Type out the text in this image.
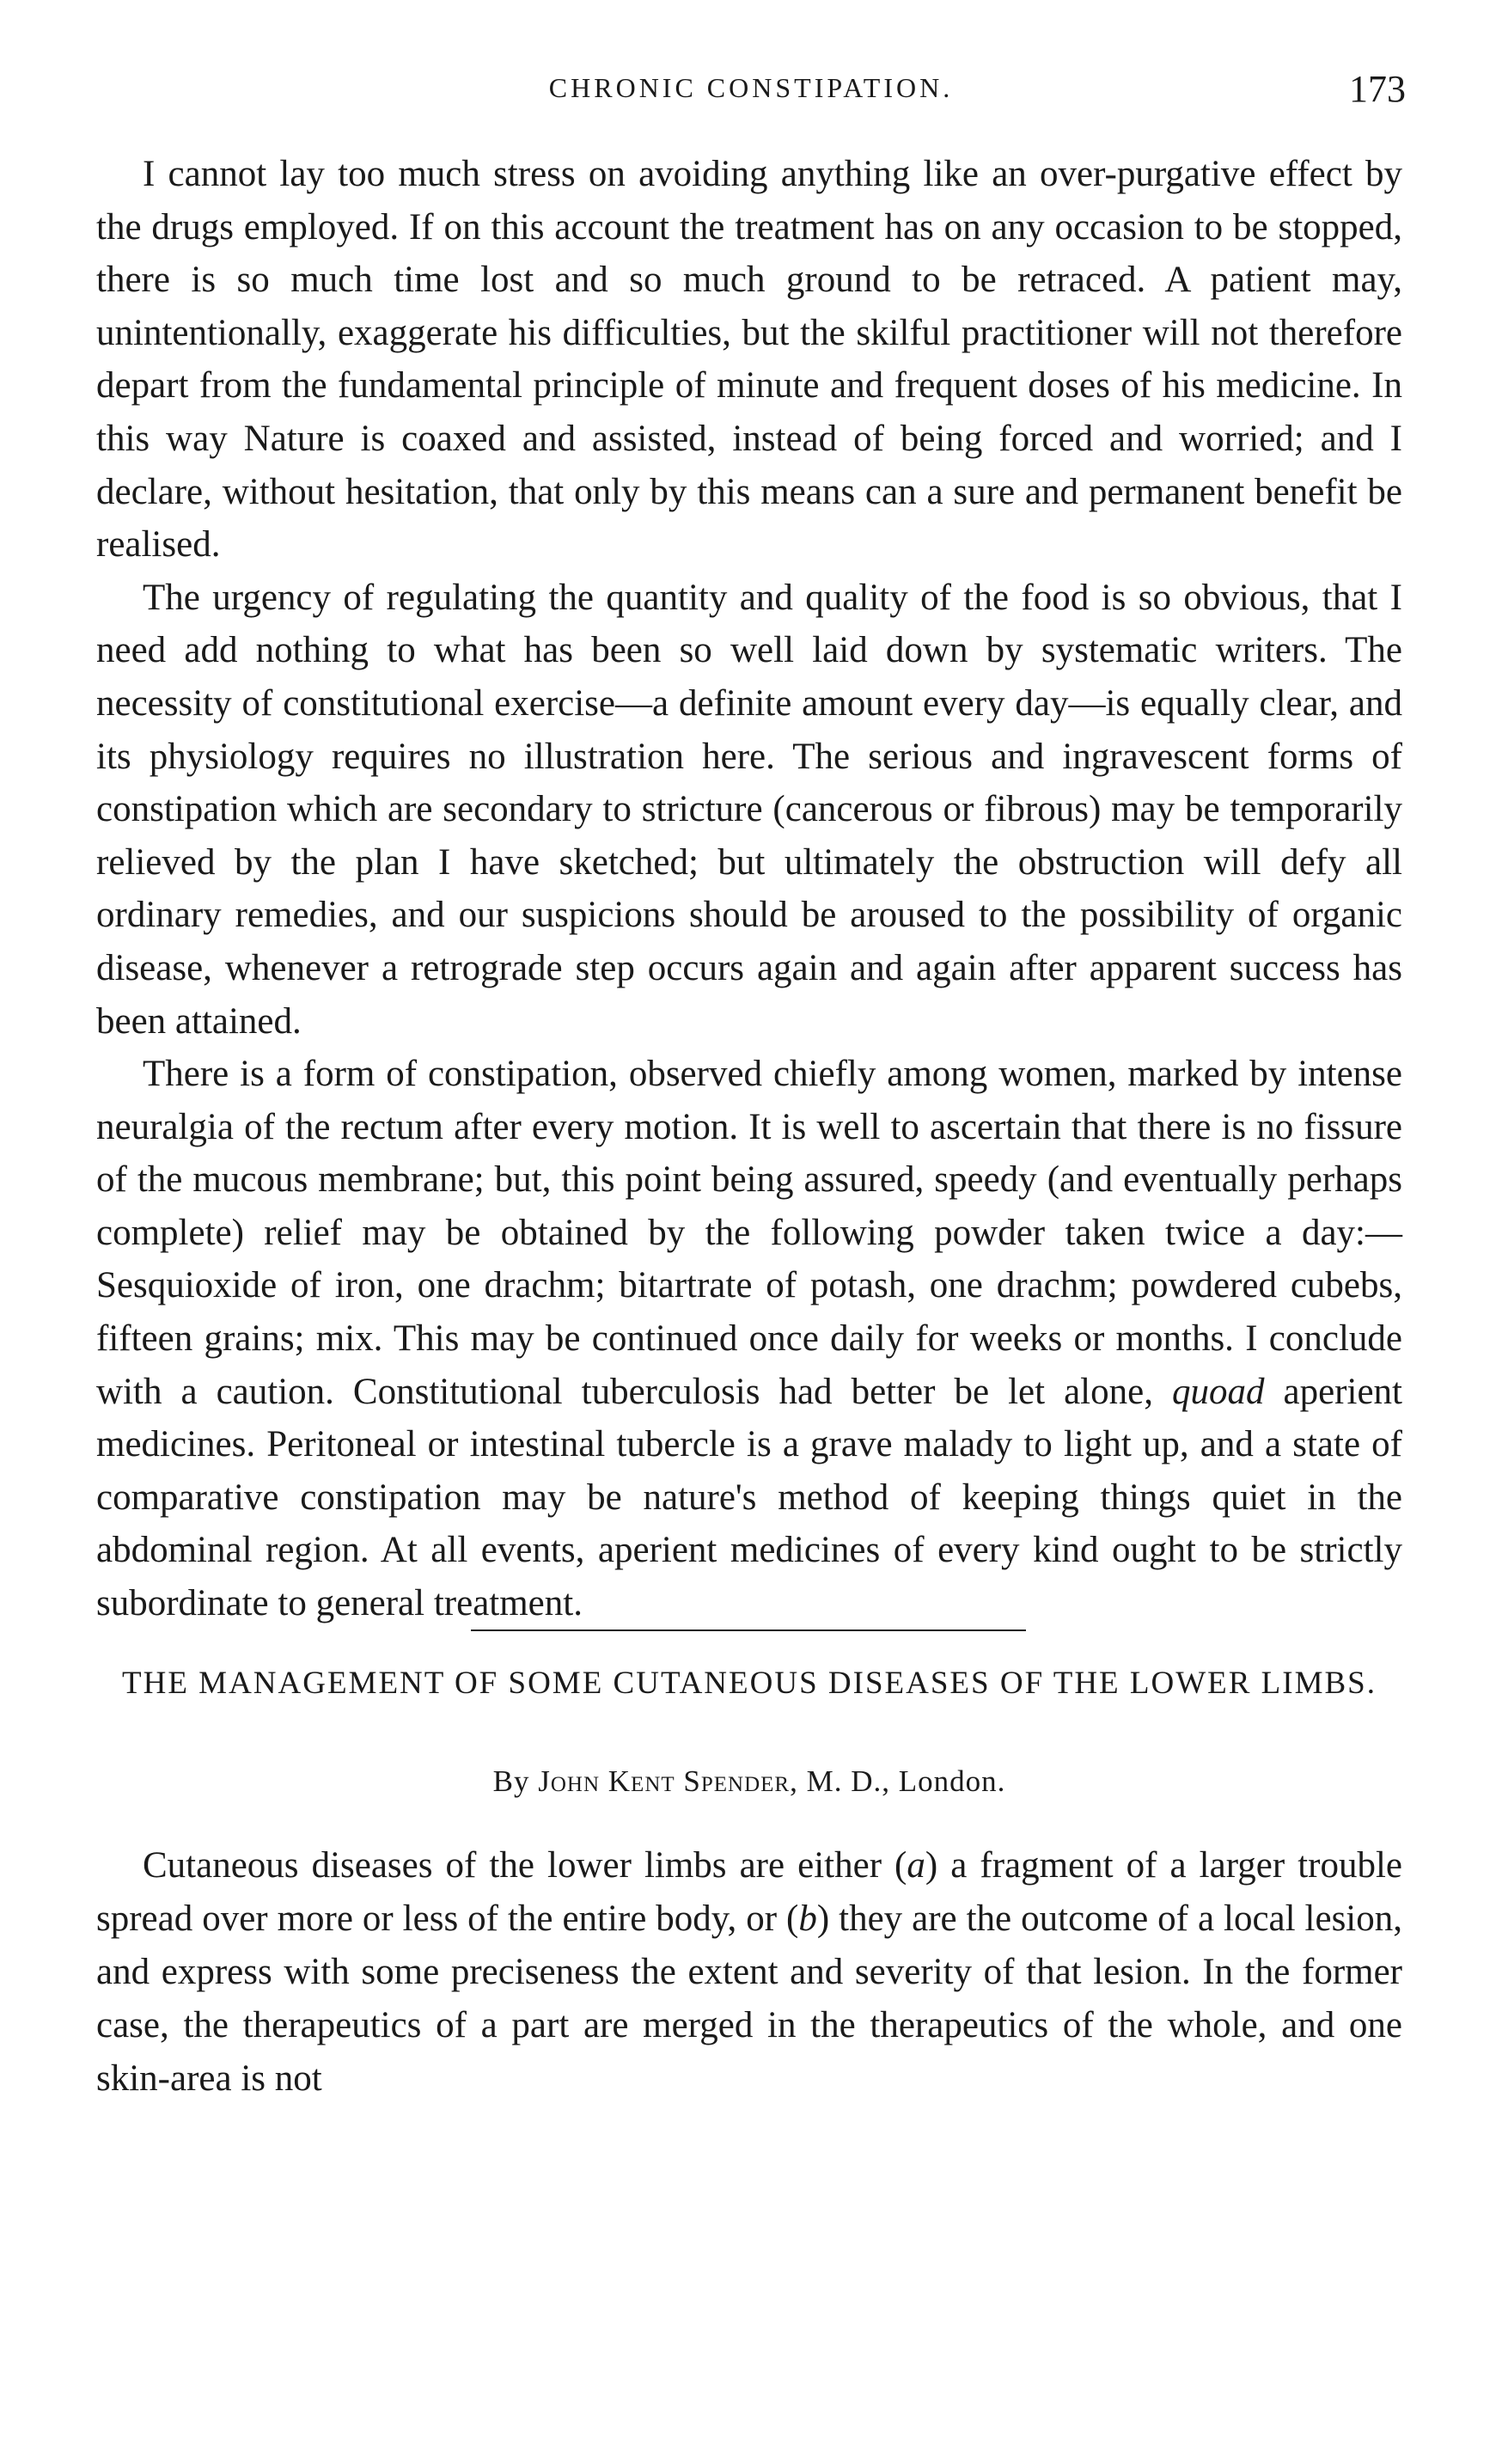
CHRONIC CONSTIPATION.	173

I cannot lay too much stress on avoiding anything like an over-purgative effect by the drugs employed. If on this account the treatment has on any occasion to be stopped, there is so much time lost and so much ground to be retraced. A patient may, unintentionally, exaggerate his difficulties, but the skilful practitioner will not therefore depart from the fundamental principle of minute and frequent doses of his medicine. In this way Nature is coaxed and assisted, instead of being forced and worried; and I declare, without hesitation, that only by this means can a sure and permanent benefit be realised.

The urgency of regulating the quantity and quality of the food is so obvious, that I need add nothing to what has been so well laid down by systematic writers. The necessity of constitutional exercise—a definite amount every day—is equally clear, and its physiology requires no illustration here. The serious and ingravescent forms of constipation which are secondary to stricture (cancerous or fibrous) may be temporarily relieved by the plan I have sketched; but ultimately the obstruction will defy all ordinary remedies, and our suspicions should be aroused to the possibility of organic disease, whenever a retrograde step occurs again and again after apparent success has been attained.

There is a form of constipation, observed chiefly among women, marked by intense neuralgia of the rectum after every motion. It is well to ascertain that there is no fissure of the mucous membrane; but, this point being assured, speedy (and eventually perhaps complete) relief may be obtained by the following powder taken twice a day:—Sesquioxide of iron, one drachm; bitartrate of potash, one drachm; powdered cubebs, fifteen grains; mix. This may be continued once daily for weeks or months. I conclude with a caution. Constitutional tuberculosis had better be let alone, quoad aperient medicines. Peritoneal or intestinal tubercle is a grave malady to light up, and a state of comparative constipation may be nature's method of keeping things quiet in the abdominal region. At all events, aperient medicines of every kind ought to be strictly subordinate to general treatment.

THE MANAGEMENT OF SOME CUTANEOUS DISEASES OF THE LOWER LIMBS.
By John Kent Spender, M. D., London.

Cutaneous diseases of the lower limbs are either (a) a fragment of a larger trouble spread over more or less of the entire body, or (b) they are the outcome of a local lesion, and express with some preciseness the extent and severity of that lesion. In the former case, the therapeutics of a part are merged in the therapeutics of the whole, and one skin-area is not
